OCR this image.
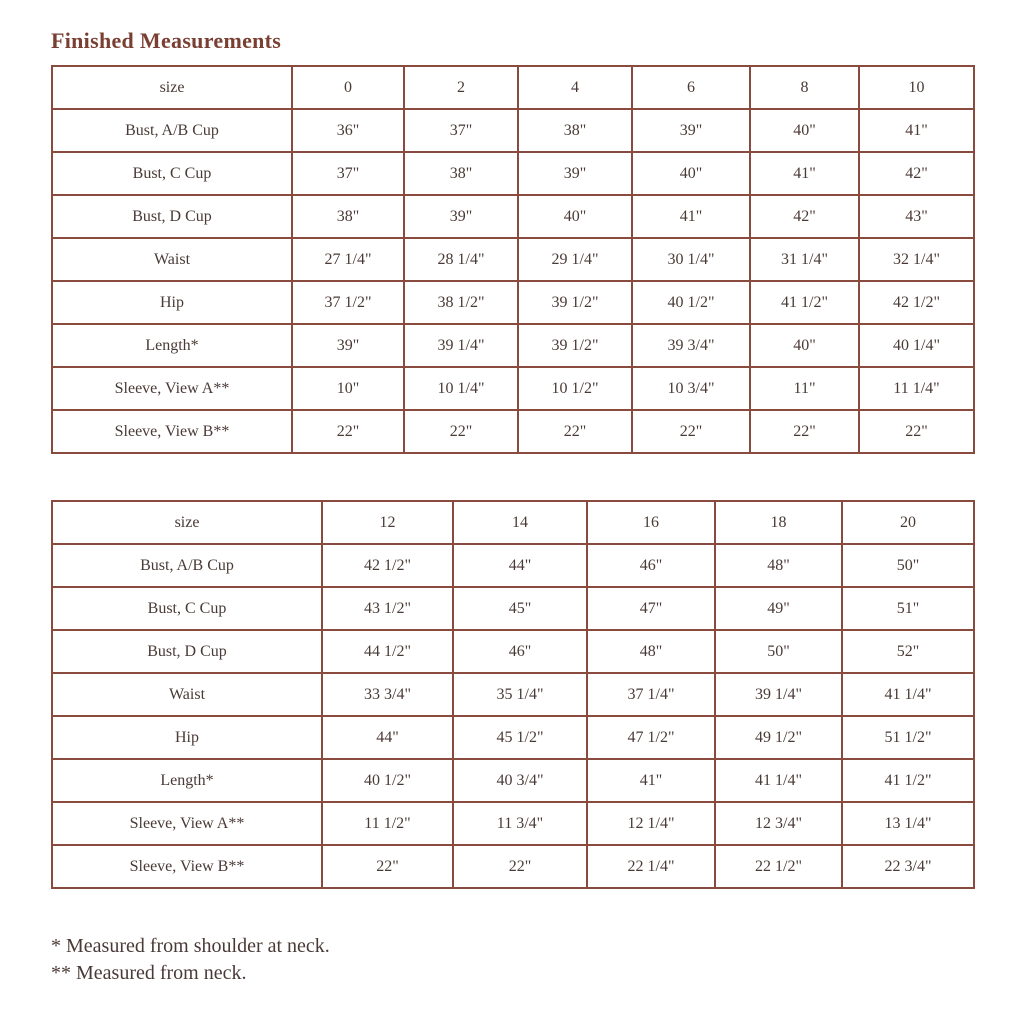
Finished Measurements
size	0	2	4	6	8	10
Bust, A/B Cup	36"	37"	38"	39"	40"	41"
Bust, C Cup	37"	38"	39"	40"	41"	42"
Bust, D Cup	38"	39"	40"	41"	42"	43"
Waist	27 1/4"	28 1/4"	29 1/4"	30 1/4"	31 1/4"	32 1/4"
Hip	37 1/2"	38 1/2"	39 1/2"	40 1/2"	41 1/2"	42 1/2"
Length*	39"	39 1/4"	39 1/2"	39 3/4"	40"	40 1/4"
Sleeve, View A**	10"	10 1/4"	10 1/2"	10 3/4"	11"	11 1/4"
Sleeve, View B**	22"	22"	22"	22"	22"	22"
size	12	14	16	18	20
Bust, A/B Cup	42 1/2"	44"	46"	48"	50"
Bust, C Cup	43 1/2"	45"	47"	49"	51"
Bust, D Cup	44 1/2"	46"	48"	50"	52"
Waist	33 3/4"	35 1/4"	37 1/4"	39 1/4"	41 1/4"
Hip	44"	45 1/2"	47 1/2"	49 1/2"	51 1/2"
Length*	40 1/2"	40 3/4"	41"	41 1/4"	41 1/2"
Sleeve, View A**	11 1/2"	11 3/4"	12 1/4"	12 3/4"	13 1/4"
Sleeve, View B**	22"	22"	22 1/4"	22 1/2"	22 3/4"
* Measured from shoulder at neck.
** Measured from neck.
